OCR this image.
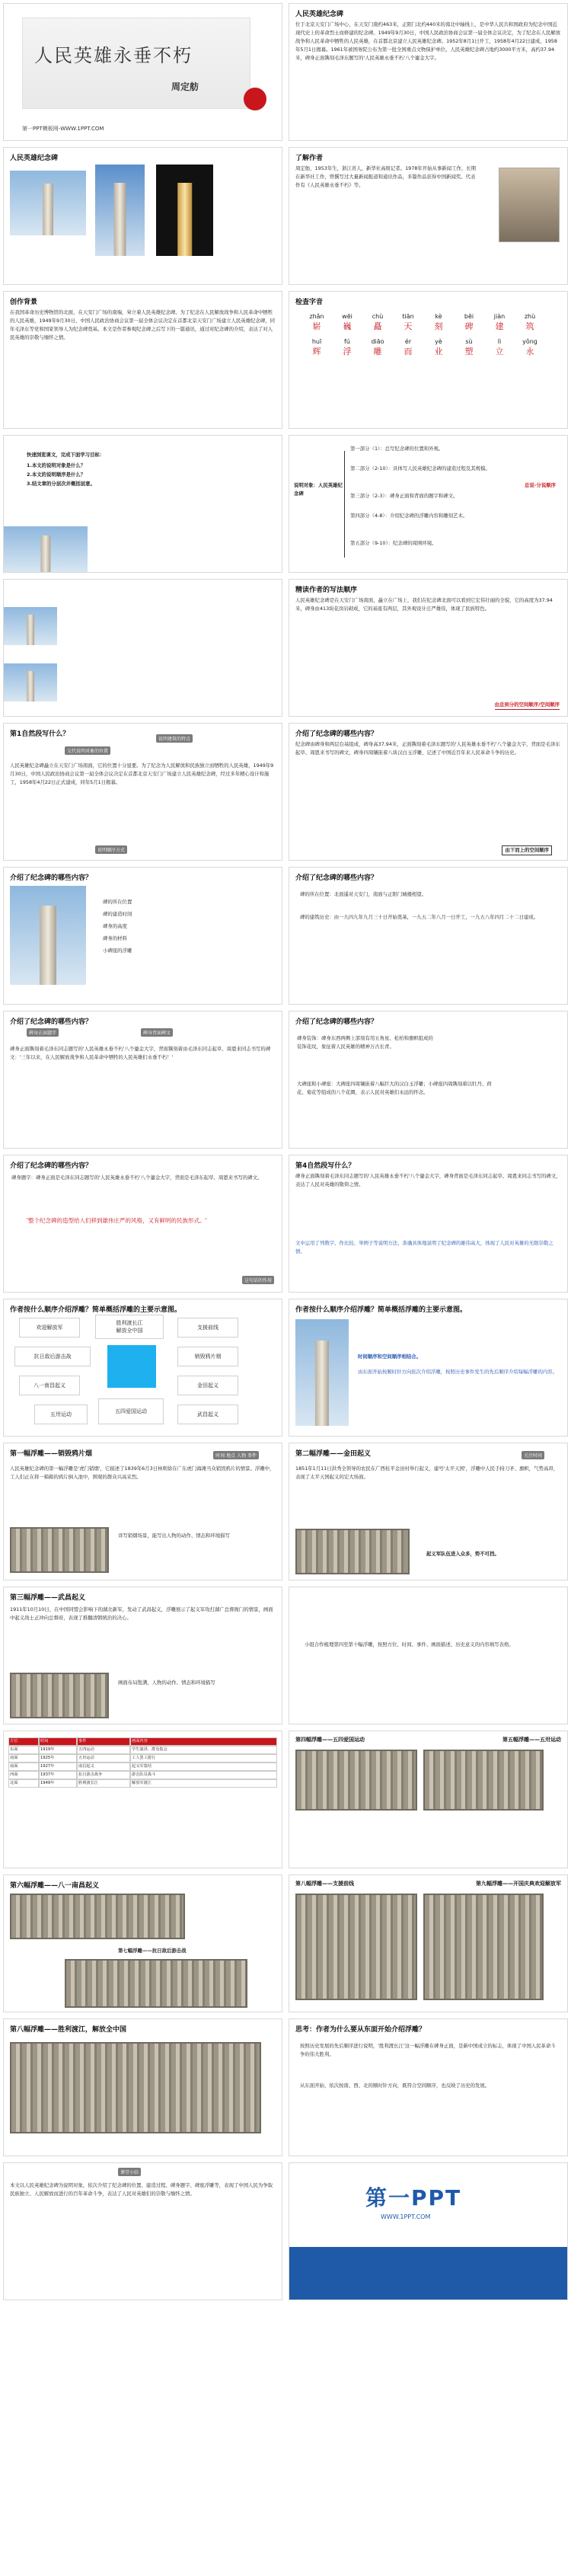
人民英雄永垂不朽
周定舫
第一PPT模板网-WWW.1PPT.COM
人民英雄纪念碑
位于北京天安门广场中心，在天安门南约463米，正阳门北约440米的南北中轴线上，是中华人民共和国政府为纪念中国近现代史上的革命烈士而修建的纪念碑。1949年9月30日，中国人民政治协商会议第一届全体会议决定，为了纪念在人民解放战争和人民革命中牺牲的人民英雄，在首都北京建立人民英雄纪念碑。1952年8月1日开工，1958年4月22日建成，1958年5月1日揭幕。1961年被国务院公布为第一批全国重点文物保护单位。人民英雄纪念碑占地约3000平方米，高约37.94米，碑身正面镌刻毛泽东题写的'人民英雄永垂不朽'八个鎏金大字。
人民英雄纪念碑	了解作者
周定舫，1953年生，浙江省人，新华社高级记者。1978年开始从事新闻工作，长期在新华社工作，曾撰写过大量新闻报道和通讯作品，多篇作品获得中国新闻奖。代表作有《人民英雄永垂不朽》等。
创作背景
在我国革命历史博物馆的北面，在天安门广场的南端，耸立着人民英雄纪念碑。为了纪念在人民解放战争和人民革命中牺牲的人民英雄，1949年9月30日，中国人民政治协商会议第一届全体会议决定在首都北京天安门广场建立人民英雄纪念碑，同年毛泽东等党和国家领导人为纪念碑奠基。本文是作者参观纪念碑之后写下的一篇通讯，通过对纪念碑的介绍，表达了对人民英雄的崇敬与缅怀之情。
检查字音
zhǎn
崭
wēi
巍
chù
矗
tiān
天
kè
刻
bēi
碑
jiàn
建
zhù
筑
huī
辉
fú
浮
diāo
雕
ér
而
yè
业
sù
塑
lì
立
yǒng
永
快速浏览课文，完成下面学习目标：
1.本文的说明对象是什么？
2.本文的说明顺序是什么？
3.结文章的分层次并概括层意。	说明对象：人民英雄纪念碑
第一部分（1）：总写纪念碑的位置和外观。
第二部分（2-10）：具体写人民英雄纪念碑的建造过程及其规模。
第三部分（2-3）：碑身正面和背面的题字和碑文。
第四部分（4-8）：介绍纪念碑的浮雕内容和雕刻艺术。
第五部分（9-10）：纪念碑的周围环境。
总说-分说顺序
精读作者的写法顺序
人民英雄纪念碑是在天安门广场南面，矗立在广场上，我们在纪念碑北面可以看到它宏伟壮丽的全貌，它的高度为37.94米，碑身由413块花岗岩砌成，它的基座有两层，其外观设计庄严雄伟，体现了民族特色。
由总到分的空间顺序/空间顺序
第1自然段写什么？
交代说明对象的位置
说明建筑的特点
人民英雄纪念碑矗立在天安门广场南面，它的位置十分显要。为了纪念为人民解放和民族独立而牺牲的人民英雄，1949年9月30日，中国人民政治协商会议第一届全体会议决定在首都北京天安门广场建立人民英雄纪念碑，经过多年精心设计和施工，1958年4月22日正式建成，同年5月1日揭幕。
说明顺序方式
介绍了纪念碑的哪些内容？
纪念碑由碑身和两层台基组成，碑身高37.94米，正面镌刻着毛泽东题写的'人民英雄永垂不朽'八个鎏金大字，背面是毛泽东起草、周恩来书写的碑文，碑身四周镶嵌着八块汉白玉浮雕，记述了中国近百年来人民革命斗争的历史。
由下而上的空间顺序
介绍了纪念碑的哪些内容？
碑的所在位置
碑的建造时间
碑身的高度
碑身的材料
小碑座的浮雕
介绍了纪念碑的哪些内容？
碑的所在位置：北面遥对天安门，南面与正阳门城楼相望。
碑的建筑历史：由一九四九年九月三十日开始奠基，一九五二年八月一日开工，一九五八年四月二十二日建成。
介绍了纪念碑的哪些内容？
碑身正面题字	碑身背面碑文
碑身正面镌刻着毛泽东同志题写的'人民英雄永垂不朽'八个鎏金大字，背面镌刻着由毛泽东同志起草、周恩来同志书写的碑文：'三年以来，在人民解放战争和人民革命中牺牲的人民英雄们永垂不朽！'
介绍了纪念碑的哪些内容？
碑身装饰：碑身东西两侧上部刻有用五角星、松柏和旗帜组成的装饰花纹，象征着人民英雄的精神万古长青。
大碑座和小碑座：大碑座四周镶嵌着八幅巨大的汉白玉浮雕；小碑座四周镌刻着以牡丹、荷花、菊花等组成的八个花圈，表示人民对英雄们永远的怀念。
介绍了纪念碑的哪些内容？
碑身题字：碑身正面是毛泽东同志题写的'人民英雄永垂不朽'八个鎏金大字，背面是毛泽东起草、周恩来书写的碑文。
'整个纪念碑的造型给人们移到雄伟庄严的风格，又有鲜明的民族形式。'
这句话的作用
第4自然段写什么？
碑身正面镌刻着毛泽东同志题写的'人民英雄永垂不朽'八个鎏金大字，碑身背面是毛泽东同志起草、周恩来同志书写的碑文，表达了人民对英雄的敬仰之情。
文中运用了列数字、作比较、举例子等说明方法，准确具体地说明了纪念碑的雄伟高大，体现了人民对英雄的无限崇敬之情。
作者按什么顺序介绍浮雕？简单概括浮雕的主要示意图。
欢迎解放军
胜利渡长江
解放全中国	支援前线
抗日敌后游击战	销毁鸦片烟
八一南昌起义	金田起义
五卅运动	五四爱国运动	武昌起义
作者按什么顺序介绍浮雕？简单概括浮雕的主要示意图。
时间顺序和空间顺序相结合。
由东面开始按顺时针方向依次介绍浮雕，按照历史事件发生的先后顺序介绍每幅浮雕的内容。
第一幅浮雕——销毁鸦片烟	时间 地点 人物 事件
人民英雄纪念碑的第一幅浮雕是'虎门销烟'，它描述了1839年6月3日林则徐在广东虎门海滩当众销毁鸦片的情景。浮雕中，工人们正在将一箱箱的鸦片倒入池中，围观的群众兴高采烈。
详写销烟场景，能写出人物的动作、情态和环境描写
第二幅浮雕——金田起义	关注时间
1851年1月11日洪秀全领导的农民在广西桂平金田村举行起义，建号'太平天国'，浮雕中人民手持刀矛、旗帜，气势高昂，表现了太平天国起义的宏大场面。
起义军队伍进入众多，势不可挡。
第三幅浮雕——武昌起义
1911年10月10日，在中国同盟会影响下的湖北新军，发动了武昌起义，浮雕展示了起义军攻打湖广总督衙门的情景，画面中起义战士正冲向总督府，表现了推翻清朝统治的决心。
画面布局饱满，人物的动作、情态和环境描写
小组合作梳理第四至第十幅浮雕，按照方位、时间、事件、画面描述、历史意义的内容填写表格。
方位	时间	事件	画面内容
东面	1919年	五四运动	学生演讲、群众集会
南面	1925年	五卅运动	工人罢工游行
南面	1927年	南昌起义	起义军集结
西面	1937年	抗日游击战争	游击队员战斗
北面	1949年	胜利渡长江	解放军渡江
第四幅浮雕——五四爱国运动	第五幅浮雕——五卅运动
第六幅浮雕——八一南昌起义
第七幅浮雕——抗日敌后游击战
第八幅浮雕——支援前线	第九幅浮雕——开国庆典欢迎解放军
第八幅浮雕——胜利渡江，解放全中国	思考：作者为什么要从东面开始介绍浮雕？
按照历史发展的先后顺序进行说明，'胜利渡长江'这一幅浮雕在碑身正面，是新中国成立的标志，体现了中国人民革命斗争的伟大胜利。
从东面开始，依次按南、西、北的顺时针方向，既符合空间顺序，也反映了历史的发展。
课堂小结
本文以人民英雄纪念碑为说明对象，依次介绍了纪念碑的位置、建造过程、碑身题字、碑座浮雕等，表现了中国人民为争取民族独立、人民解放而进行的百年革命斗争，表达了人民对英雄们的崇敬与缅怀之情。	第一PPT
WWW.1PPT.COM
